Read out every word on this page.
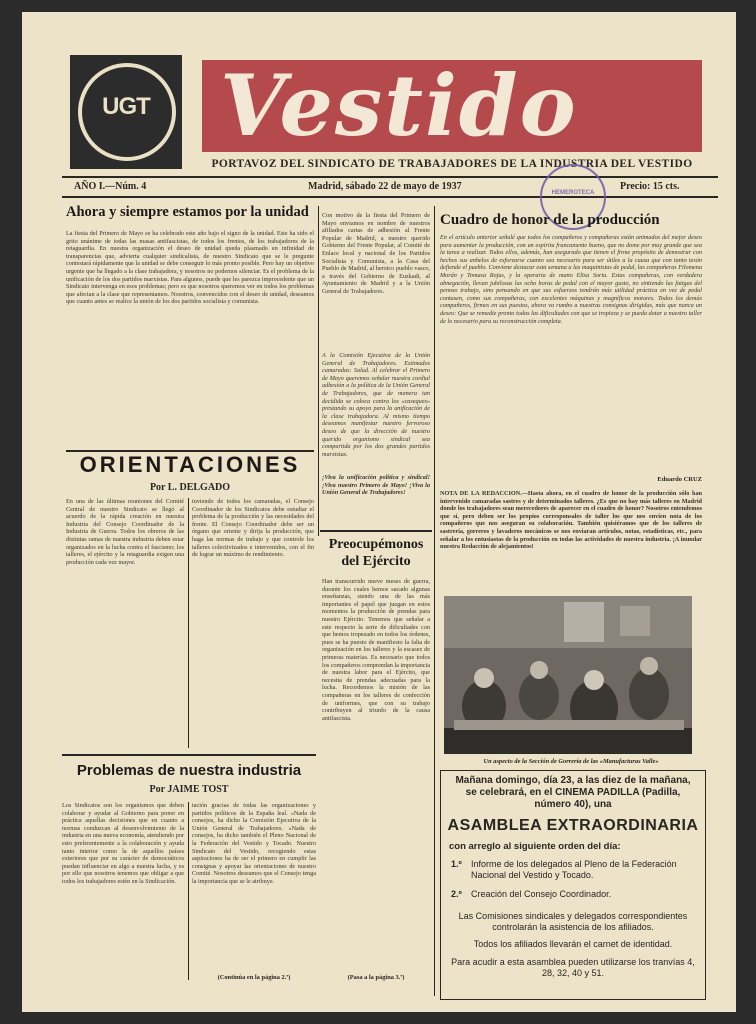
UGT Vestido
PORTAVOZ DEL SINDICATO DE TRABAJADORES DE LA INDUSTRIA DEL VESTIDO
AÑO I.—Núm. 4	Madrid, sábado 22 de mayo de 1937	Precio: 15 cts.
HEMEROTECA
Ahora y siempre estamos por la unidad
La fiesta del Primero de Mayo se ha celebrado este año bajo el signo de la unidad. Este ha sido el grito unánime de todas las masas antifascistas, de todos los frentes, de los trabajadores de la retaguardia. En nuestra organización el deseo de unidad queda plasmado en infinidad de transparencias que, advierta cualquier sindicalista, de nuestro Sindicato que se le pregunte contestará rápidamente que la unidad se debe conseguir lo más pronto posible. Pero hay un objetivo urgente que ha llegado a la clase trabajadora, y nosotros no podemos silenciar. Es el problema de la unificación de los dos partidos marxistas. Para algunos, puede que les parezca improcedente que un Sindicato intervenga en esos problemas; pero es que nosotros queremos ver en todos los problemas que afectan a la clase que representamos. Nosotros, convencidos con el deseo de unidad, deseamos que cuanto antes se realice la unión de los dos partidos socialista y comunista.
ORIENTACIONES
Por L. DELGADO
En una de las últimas reuniones del Comité Central de nuestro Sindicato se llegó al acuerdo de la rápida creación en nuestra Industria del Consejo Coordinador de la Industria de Guerra. Todos los obreros de las distintas ramas de nuestra industria deben estar organizados en la lucha contra el fascismo; los talleres, el ejército y la retaguardia exigen una producción cada vez mayor.
tuviendo de todos los camaradas, el Consejo Coordinador de los Sindicatos debe estudiar el problema de la producción y las necesidades del frente. El Consejo Coordinador debe ser un órgano que oriente y dirija la producción, que haga las normas de trabajo y que controle los talleres colectivizados e intervenidos, con el fin de lograr un máximo de rendimiento.
Con motivo de la fiesta del Primero de Mayo enviamos en nombre de nuestros afiliados cartas de adhesión al Frente Popular de Madrid, a nuestro querido Gobierno del Frente Popular, al Comité de Enlace local y nacional de los Partidos Socialista y Comunista, a la Casa del Pueblo de Madrid, al heroico pueblo vasco, a través del Gobierno de Euzkadi, al Ayuntamiento de Madrid y a la Unión General de Trabajadores.
A la Comisión Ejecutiva de la Unión General de Trabajadores. Estimados camaradas: Salud. Al celebrar el Primero de Mayo queremos señalar nuestra cordial adhesión a la política de la Unión General de Trabajadores, que de manera tan decidida se coloca contra los «caseques» prestando su apoyo para la unificación de la clase trabajadora. Al mismo tiempo deseamos manifestar nuestro fervoroso deseo de que la dirección de nuestro querido organismo sindical sea compartida por los dos grandes partidos marxistas.
¡Viva la unificación política y sindical! ¡Viva nuestro Primero de Mayo! ¡Viva la Unión General de Trabajadores!
Preocupémonos del Ejército
Han transcurrido nueve meses de guerra, durante los cuales hemos sacado algunas enseñanzas, siendo una de las más importantes el papel que juegan en estos momentos la producción de prendas para nuestro Ejército. Tenemos que señalar a este respecto la serie de dificultades con que hemos tropezado en todos los órdenes, pues se ha puesto de manifiesto la falta de organización en los talleres y la escasez de primeras materias. Es necesario que todos los compañeros comprendan la importancia de nuestra labor para el Ejército, que necesita de prendas adecuadas para la lucha. Recordemos la misión de las compañeras en los talleres de confección de uniformes, que con su trabajo contribuyen al triunfo de la causa antifascista.
(Pasa a la página 3.ª)
Problemas de nuestra industria
Por JAIME TOST
Los Sindicatos son los organismos que deben colaborar y ayudar al Gobierno para poner en práctica aquellas decisiones que en cuanto a normas conduzcan al desenvolvimiento de la industria en una nueva economía, atendiendo por esto preferentemente a la colaboración y ayuda tanto interior como la de aquellos países exteriores que por su carácter de democráticos puedan influenciar en algo a nuestra lucha, y es por ello que nosotros tenemos que obligar a que todos los trabajadores estén en la Sindicación.
tación gracias de todas las organizaciones y partidos políticos de la España leal. «Nada de consejos, ha dicho la Comisión Ejecutiva de la Unión General de Trabajadores. «Nada de consejos, ha dicho también el Pleno Nacional de la Federación del Vestido y Tocado. Nuestro Sindicato del Vestido, recogiendo estas aspiraciones ha de ser el primero en cumplir las consignas y apoyar las orientaciones de nuestro Comité. Nosotros deseamos que el Consejo tenga la importancia que se le atribuye.
(Continúa en la página 2.ª)
Cuadro de honor de la producción
En el artículo anterior señalé que todos los compañeros y compañeras están animados del mejor deseo para aumentar la producción, con un espíritu francamente bueno, que no dome por muy grande que sea la tarea a realizar. Todos ellos, además, han asegurado que tienen el firme propósito de demostrar con hechos sus anhelos de esforzarse cuanto sea necesario para ser útiles a la causa que con tanto tesón defiende el pueblo. Conviene destacar esta semana a las maquinistas de pedal, las compañeras Filomena Morán y Tomasa Rojas, y la operaria de mano Elisa Soria. Estas compañeras, con verdadera abnegación, llevan jubilosas las ocho horas de pedal con el mayor gusto, no sintiendo las fatigas del penoso trabajo, sino pensando en que sus esfuerzos tendrán más utilidad práctica en vez de pedal contasen, como sus compañeras, con excelentes máquinas y magníficos motores. Todos los demás compañeros, firmes en sus puestos, ahora va rumbo a nuestras consignas dirigidas, más que nunca un deseo: Que se remedie pronto todas las dificultades con que se tropieza y se pueda dotar a nuestro taller de lo necesario para su reconstrucción completa.
Eduardo CRUZ
NOTA DE LA REDACCION.—Hasta ahora, en el cuadro de honor de la producción sólo han intervenido camaradas sastres y de determinados talleres. ¿Es que no hay más talleres en Madrid donde los trabajadores sean merecedores de aparecer en el cuadro de honor? Nosotros entendemos que sí, pero deben ser los propios corresponsales de taller los que nos envíen nota de los compañeros que nos aseguran su colaboración. También quisiéramos que de los talleres de sastrería, gorreros y lavaderos mecánicos se nos enviaran artículos, notas, estadísticas, etc., para señalar a los entusiastas de la producción en todas las actividades de nuestra industria. ¡A inundar nuestra Redacción de alejamientos!
Un aspecto de la Sección de Gorrería de las «Manufacturas Valle»
Mañana domingo, día 23, a las diez de la mañana, se celebrará, en el CINEMA PADILLA (Padilla, número 40), una
ASAMBLEA EXTRAORDINARIA
con arreglo al siguiente orden del día:
1.º Informe de los delegados al Pleno de la Federación Nacional del Vestido y Tocado.
2.º Creación del Consejo Coordinador.
Las Comisiones sindicales y delegados correspondientes controlarán la asistencia de los afiliados.
Todos los afiliados llevarán el carnet de identidad.
Para acudir a esta asamblea pueden utilizarse los tranvías 4, 28, 32, 40 y 51.
